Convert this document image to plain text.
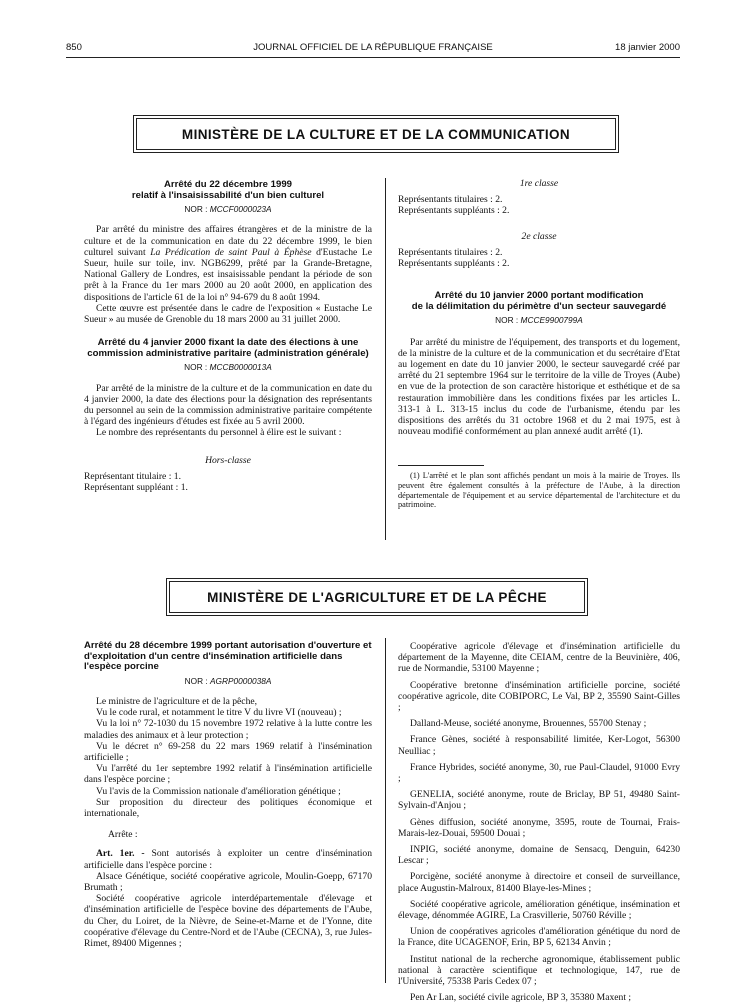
850	JOURNAL OFFICIEL DE LA RÉPUBLIQUE FRANÇAISE	18 janvier 2000
MINISTÈRE DE LA CULTURE ET DE LA COMMUNICATION
Arrêté du 22 décembre 1999
relatif à l'insaisissabilité d'un bien culturel
NOR : MCCF0000023A

Par arrêté du ministre des affaires étrangères et de la ministre de la culture et de la communication en date du 22 décembre 1999, le bien culturel suivant La Prédication de saint Paul à Éphèse d'Eustache Le Sueur, huile sur toile, inv. NGB6299, prêté par la Grande-Bretagne, National Gallery de Londres, est insaisissable pendant la période de son prêt à la France du 1er mars 2000 au 20 août 2000, en application des dispositions de l'article 61 de la loi n° 94-679 du 8 août 1994.

Cette œuvre est présentée dans le cadre de l'exposition « Eustache Le Sueur » au musée de Grenoble du 18 mars 2000 au 31 juillet 2000.

Arrêté du 4 janvier 2000 fixant la date des élections à une commission administrative paritaire (administration générale)
NOR : MCCB0000013A

Par arrêté de la ministre de la culture et de la communication en date du 4 janvier 2000, la date des élections pour la désignation des représentants du personnel au sein de la commission administrative paritaire compétente à l'égard des ingénieurs d'études est fixée au 5 avril 2000.

Le nombre des représentants du personnel à élire est le suivant :

Hors-classe
Représentant titulaire : 1.
Représentant suppléant : 1.
1re classe
Représentants titulaires : 2.
Représentants suppléants : 2.
2e classe
Représentants titulaires : 2.
Représentants suppléants : 2.
Arrêté du 10 janvier 2000 portant modification
de la délimitation du périmètre d'un secteur sauvegardé
NOR : MCCE9900799A

Par arrêté du ministre de l'équipement, des transports et du logement, de la ministre de la culture et de la communication et du secrétaire d'Etat au logement en date du 10 janvier 2000, le secteur sauvegardé créé par arrêté du 21 septembre 1964 sur le territoire de la ville de Troyes (Aube) en vue de la protection de son caractère historique et esthétique et de sa restauration immobilière dans les conditions fixées par les articles L. 313-1 à L. 313-15 inclus du code de l'urbanisme, étendu par les dispositions des arrêtés du 31 octobre 1968 et du 2 mai 1975, est à nouveau modifié conformément au plan annexé audit arrêté (1).

(1) L'arrêté et le plan sont affichés pendant un mois à la mairie de Troyes. Ils peuvent être également consultés à la préfecture de l'Aube, à la direction départementale de l'équipement et au service départemental de l'architecture et du patrimoine.

MINISTÈRE DE L'AGRICULTURE ET DE LA PÊCHE
Arrêté du 28 décembre 1999 portant autorisation d'ouverture et d'exploitation d'un centre d'insémination artificielle dans l'espèce porcine
NOR : AGRP0000038A

Le ministre de l'agriculture et de la pêche,

Vu le code rural, et notamment le titre V du livre VI (nouveau) ;

Vu la loi n° 72-1030 du 15 novembre 1972 relative à la lutte contre les maladies des animaux et à leur protection ;

Vu le décret n° 69-258 du 22 mars 1969 relatif à l'insémination artificielle ;

Vu l'arrêté du 1er septembre 1992 relatif à l'insémination artificielle dans l'espèce porcine ;

Vu l'avis de la Commission nationale d'amélioration génétique ;

Sur proposition du directeur des politiques économique et internationale,

Arrête :

Art. 1er. - Sont autorisés à exploiter un centre d'insémination artificielle dans l'espèce porcine :

Alsace Génétique, société coopérative agricole, Moulin-Goepp, 67170 Brumath ;

Société coopérative agricole interdépartementale d'élevage et d'insémination artificielle de l'espèce bovine des départements de l'Aube, du Cher, du Loiret, de la Nièvre, de Seine-et-Marne et de l'Yonne, dite coopérative d'élevage du Centre-Nord et de l'Aube (CECNA), 3, rue Jules-Rimet, 89400 Migennes ;

Coopérative agricole d'élevage et d'insémination artificielle du département de la Mayenne, dite CEIAM, centre de la Beuvinière, 406, rue de Normandie, 53100 Mayenne ;

Coopérative bretonne d'insémination artificielle porcine, société coopérative agricole, dite COBIPORC, Le Val, BP 2, 35590 Saint-Gilles ;

Dalland-Meuse, société anonyme, Brouennes, 55700 Stenay ;

France Gènes, société à responsabilité limitée, Ker-Logot, 56300 Neulliac ;

France Hybrides, société anonyme, 30, rue Paul-Claudel, 91000 Evry ;

GENELIA, société anonyme, route de Briclay, BP 51, 49480 Saint-Sylvain-d'Anjou ;

Gènes diffusion, société anonyme, 3595, route de Tournai, Frais-Marais-lez-Douai, 59500 Douai ;

INPIG, société anonyme, domaine de Sensacq, Denguin, 64230 Lescar ;

Porcigène, société anonyme à directoire et conseil de surveillance, place Augustin-Malroux, 81400 Blaye-les-Mines ;

Société coopérative agricole, amélioration génétique, insémination et élevage, dénommée AGIRE, La Crasvillerie, 50760 Réville ;

Union de coopératives agricoles d'amélioration génétique du nord de la France, dite UCAGENOF, Erin, BP 5, 62134 Anvin ;

Institut national de la recherche agronomique, établissement public national à caractère scientifique et technologique, 147, rue de l'Université, 75338 Paris Cedex 07 ;

Pen Ar Lan, société civile agricole, BP 3, 35380 Maxent ;
